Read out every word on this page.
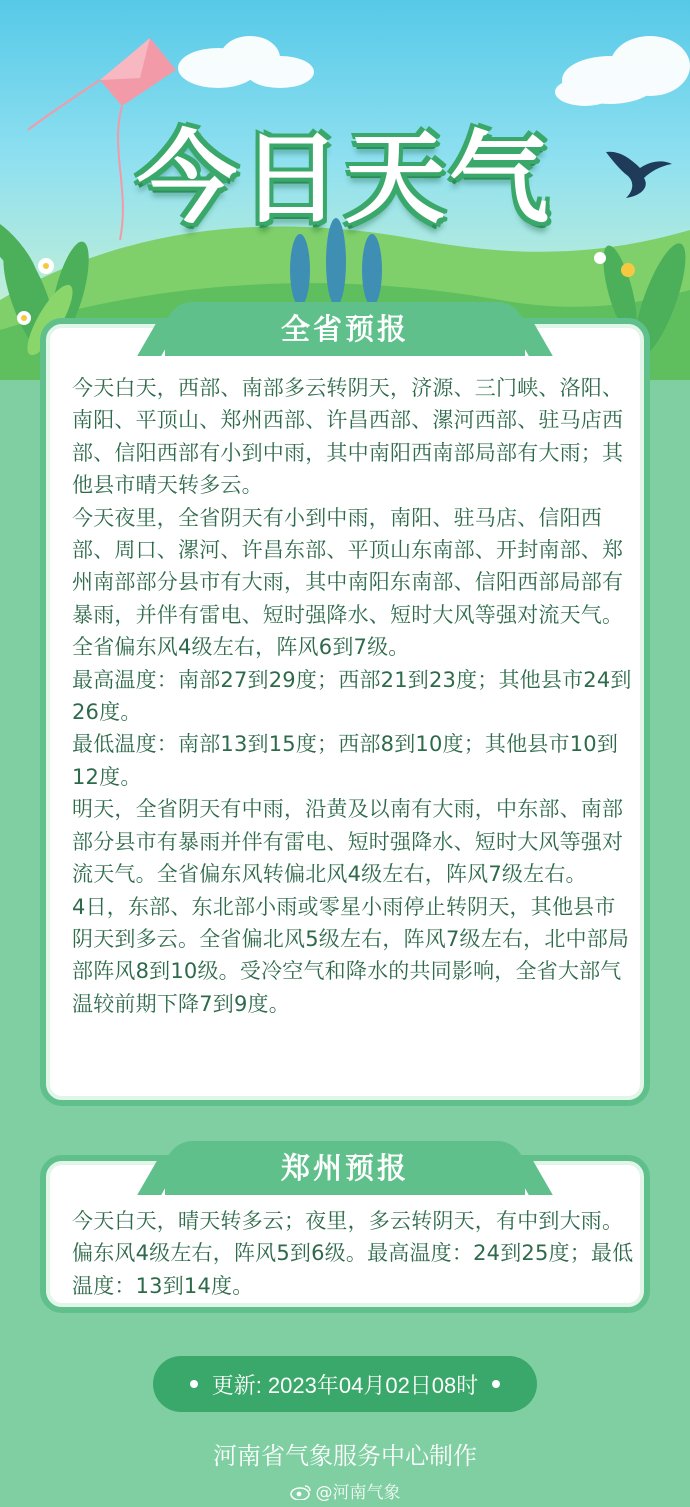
今日天气
全省预报

今天白天，西部、南部多云转阴天，济源、三门峡、洛阳、南阳、平顶山、郑州西部、许昌西部、漯河西部、驻马店西部、信阳西部有小到中雨，其中南阳西南部局部有大雨；其他县市晴天转多云。

今天夜里，全省阴天有小到中雨，南阳、驻马店、信阳西部、周口、漯河、许昌东部、平顶山东南部、开封南部、郑州南部部分县市有大雨，其中南阳东南部、信阳西部局部有暴雨，并伴有雷电、短时强降水、短时大风等强对流天气。

全省偏东风4级左右，阵风6到7级。

最高温度：南部27到29度；西部21到23度；其他县市24到26度。

最低温度：南部13到15度；西部8到10度；其他县市10到12度。

明天，全省阴天有中雨，沿黄及以南有大雨，中东部、南部部分县市有暴雨并伴有雷电、短时强降水、短时大风等强对流天气。全省偏东风转偏北风4级左右，阵风7级左右。

4日，东部、东北部小雨或零星小雨停止转阴天，其他县市阴天到多云。全省偏北风5级左右，阵风7级左右，北中部局部阵风8到10级。受冷空气和降水的共同影响，全省大部气温较前期下降7到9度。

郑州预报

今天白天，晴天转多云；夜里，多云转阴天，有中到大雨。偏东风4级左右，阵风5到6级。最高温度：24到25度；最低温度：13到14度。

更新: 2023年04月02日08时
河南省气象服务中心制作
@河南气象
